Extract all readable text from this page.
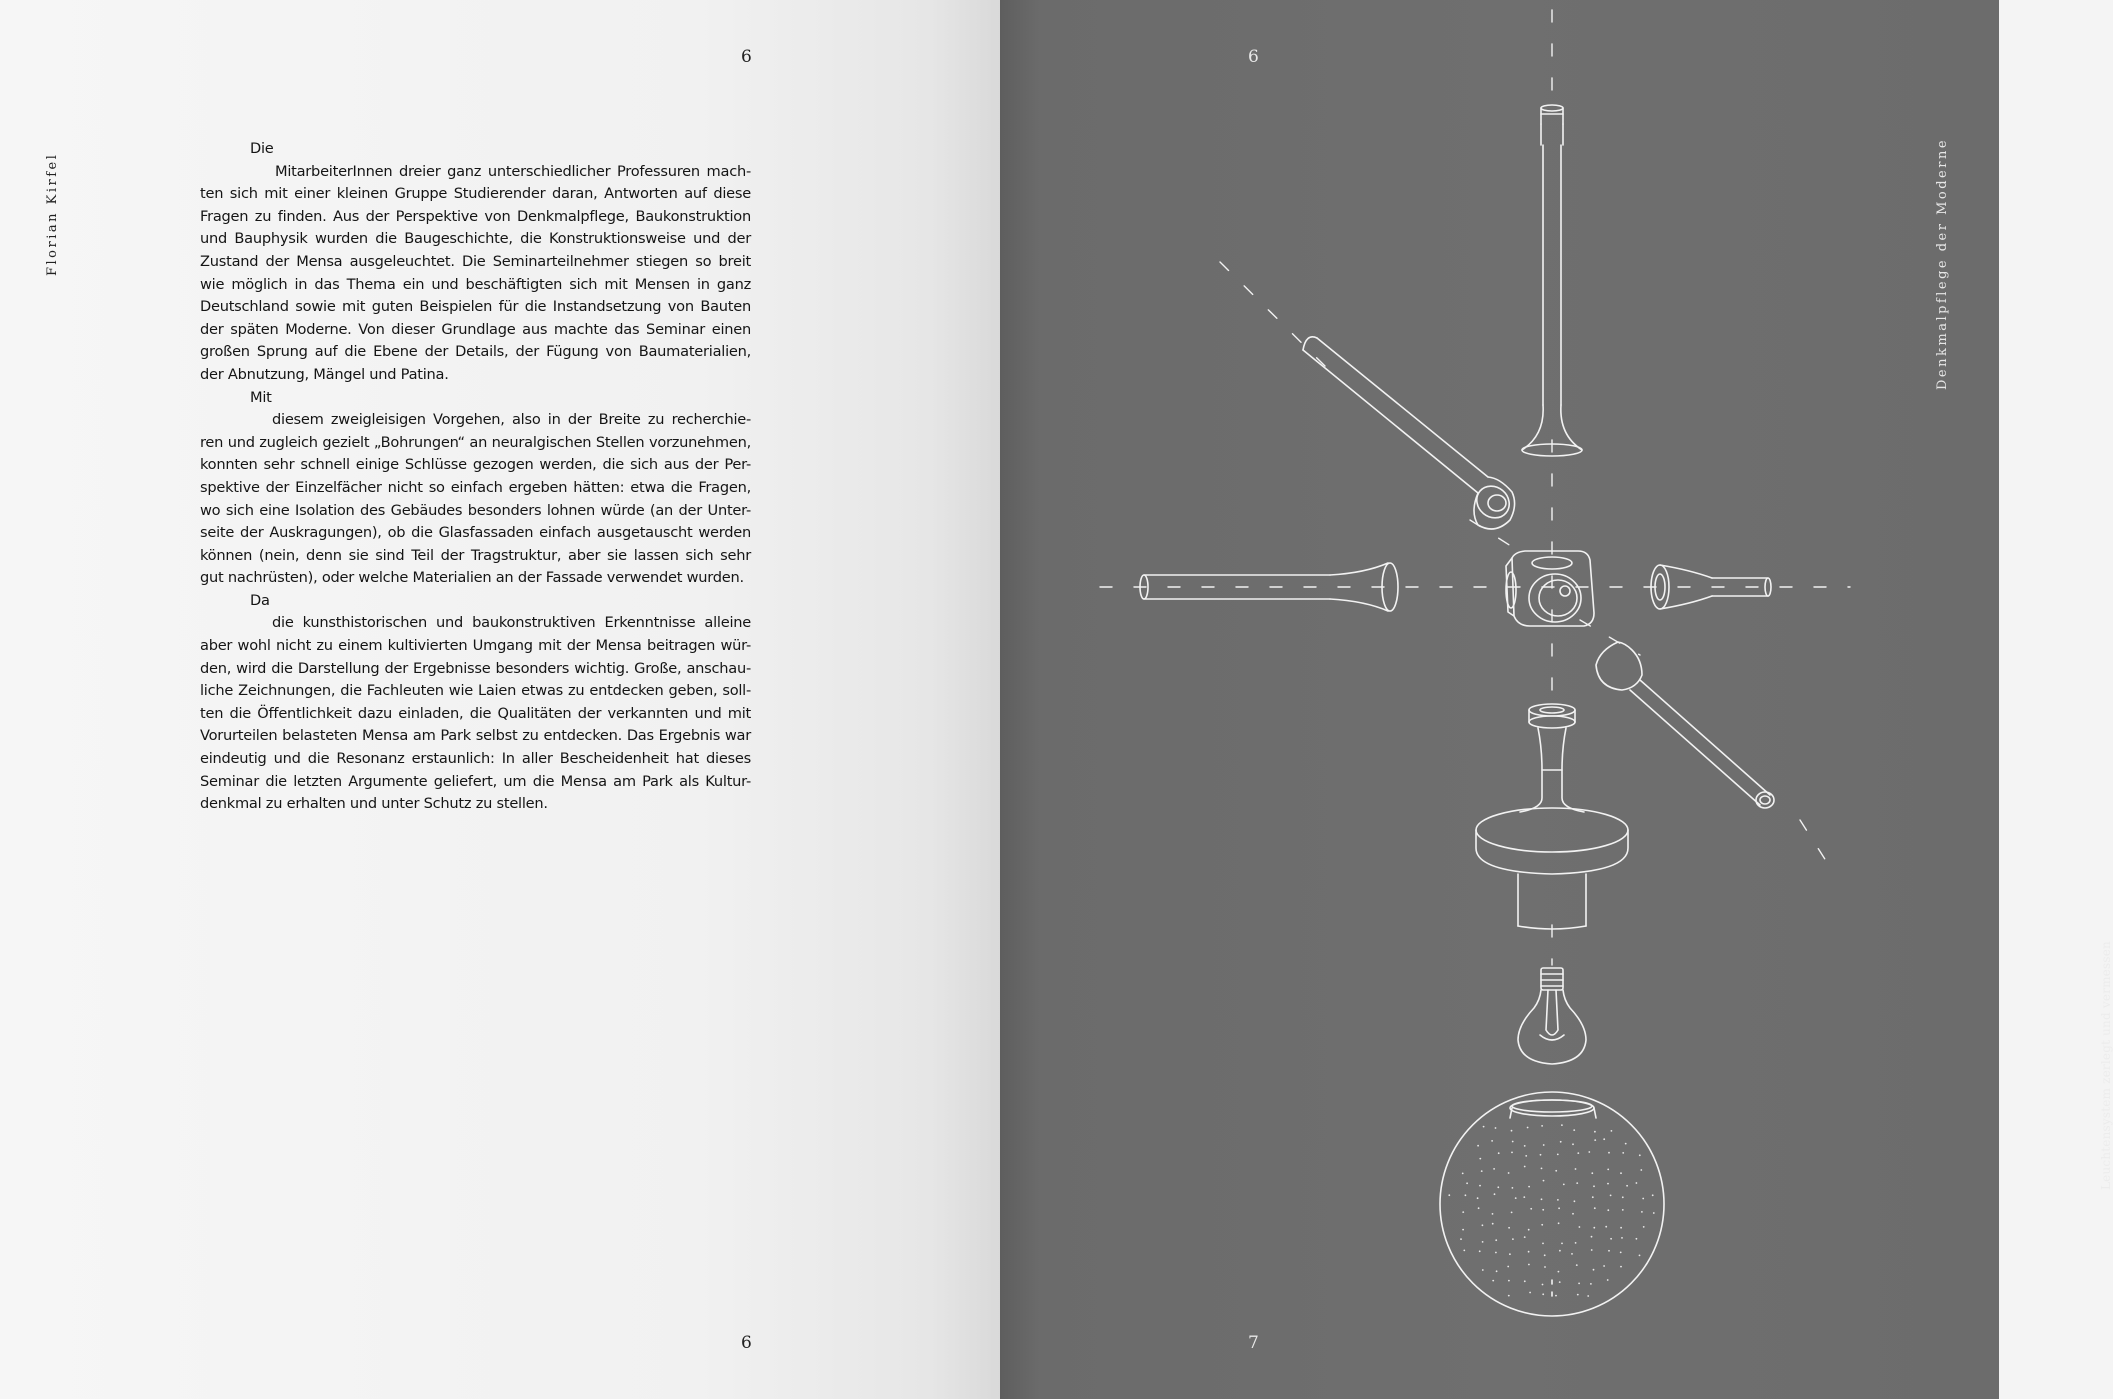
6
6
Florian Kirfel
Die
MitarbeiterInnen dreier ganz unterschiedlicher Professuren mach-
ten sich mit einer kleinen Gruppe Studierender daran, Antworten auf diese
Fragen zu finden. Aus der Perspektive von Denkmalpflege, Baukonstruktion
und Bauphysik wurden die Baugeschichte, die Konstruktionsweise und der
Zustand der Mensa ausgeleuchtet. Die Seminarteilnehmer stiegen so breit
wie möglich in das Thema ein und beschäftigten sich mit Mensen in ganz
Deutschland sowie mit guten Beispielen für die Instandsetzung von Bauten
der späten Moderne. Von dieser Grundlage aus machte das Seminar einen
großen Sprung auf die Ebene der Details, der Fügung von Baumaterialien,
der Abnutzung, Mängel und Patina.
Mit
diesem zweigleisigen Vorgehen, also in der Breite zu recherchie-
ren und zugleich gezielt „Bohrungen“ an neuralgischen Stellen vorzunehmen,
konnten sehr schnell einige Schlüsse gezogen werden, die sich aus der Per-
spektive der Einzelfächer nicht so einfach ergeben hätten: etwa die Fragen,
wo sich eine Isolation des Gebäudes besonders lohnen würde (an der Unter-
seite der Auskragungen), ob die Glasfassaden einfach ausgetauscht werden
können (nein, denn sie sind Teil der Tragstruktur, aber sie lassen sich sehr
gut nachrüsten), oder welche Materialien an der Fassade verwendet wurden.
Da
die kunsthistorischen und baukonstruktiven Erkenntnisse alleine
aber wohl nicht zu einem kultivierten Umgang mit der Mensa beitragen wür-
den, wird die Darstellung der Ergebnisse besonders wichtig. Große, anschau-
liche Zeichnungen, die Fachleuten wie Laien etwas zu entdecken geben, soll-
ten die Öffentlichkeit dazu einladen, die Qualitäten der verkannten und mit
Vorurteilen belasteten Mensa am Park selbst zu entdecken. Das Ergebnis war
eindeutig und die Resonanz erstaunlich: In aller Bescheidenheit hat dieses
Seminar die letzten Argumente geliefert, um die Mensa am Park als Kultur-
denkmal zu erhalten und unter Schutz zu stellen.
6
7
Denkmalpflege der Moderne
Leuchtensystem zerlegt und vermessen
